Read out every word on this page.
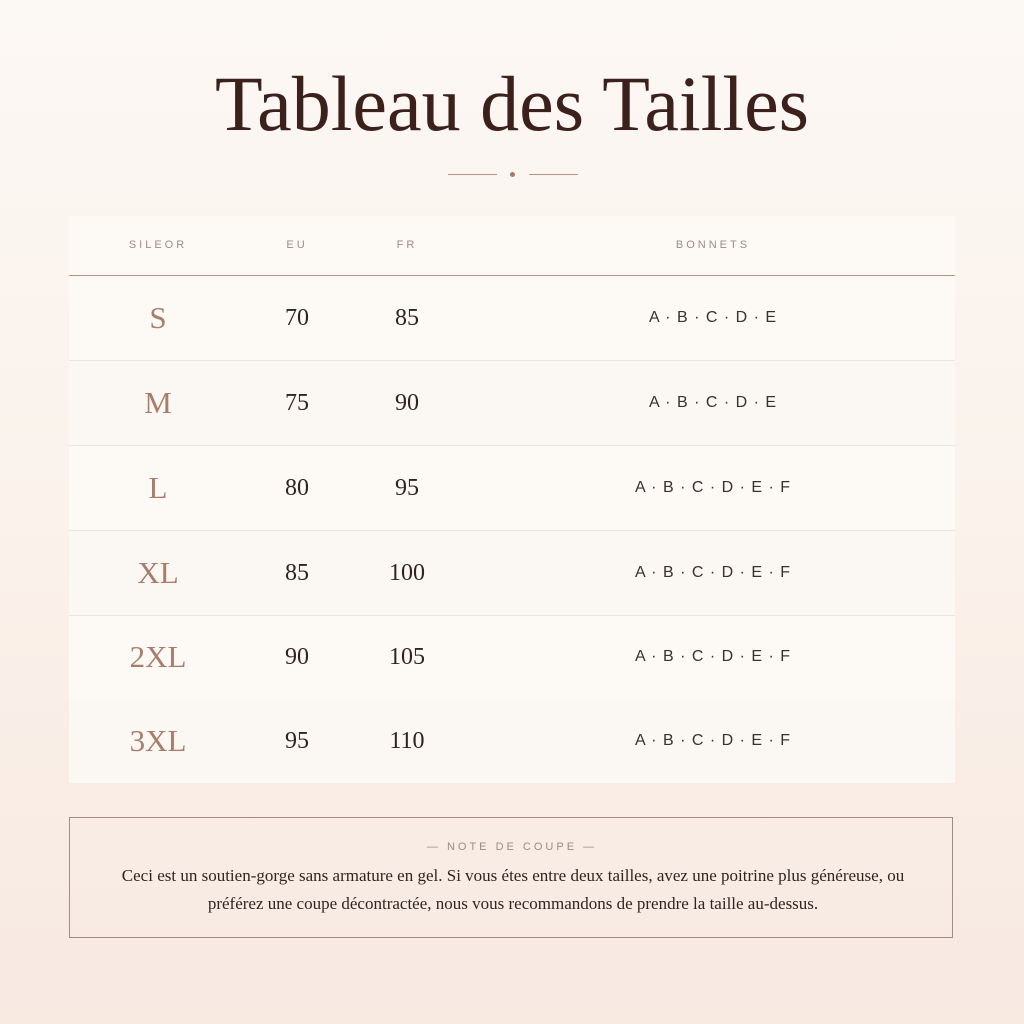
Tableau des Tailles
SILEOR	EU	FR	BONNETS
S	70	85	A · B · C · D · E
M	75	90	A · B · C · D · E
L	80	95	A · B · C · D · E · F
XL	85	100	A · B · C · D · E · F
2XL	90	105	A · B · C · D · E · F
3XL	95	110	A · B · C · D · E · F
— NOTE DE COUPE —

Ceci est un soutien-gorge sans armature en gel. Si vous étes entre deux tailles, avez une poitrine plus généreuse, ou préférez une coupe décontractée, nous vous recommandons de prendre la taille au-dessus.
